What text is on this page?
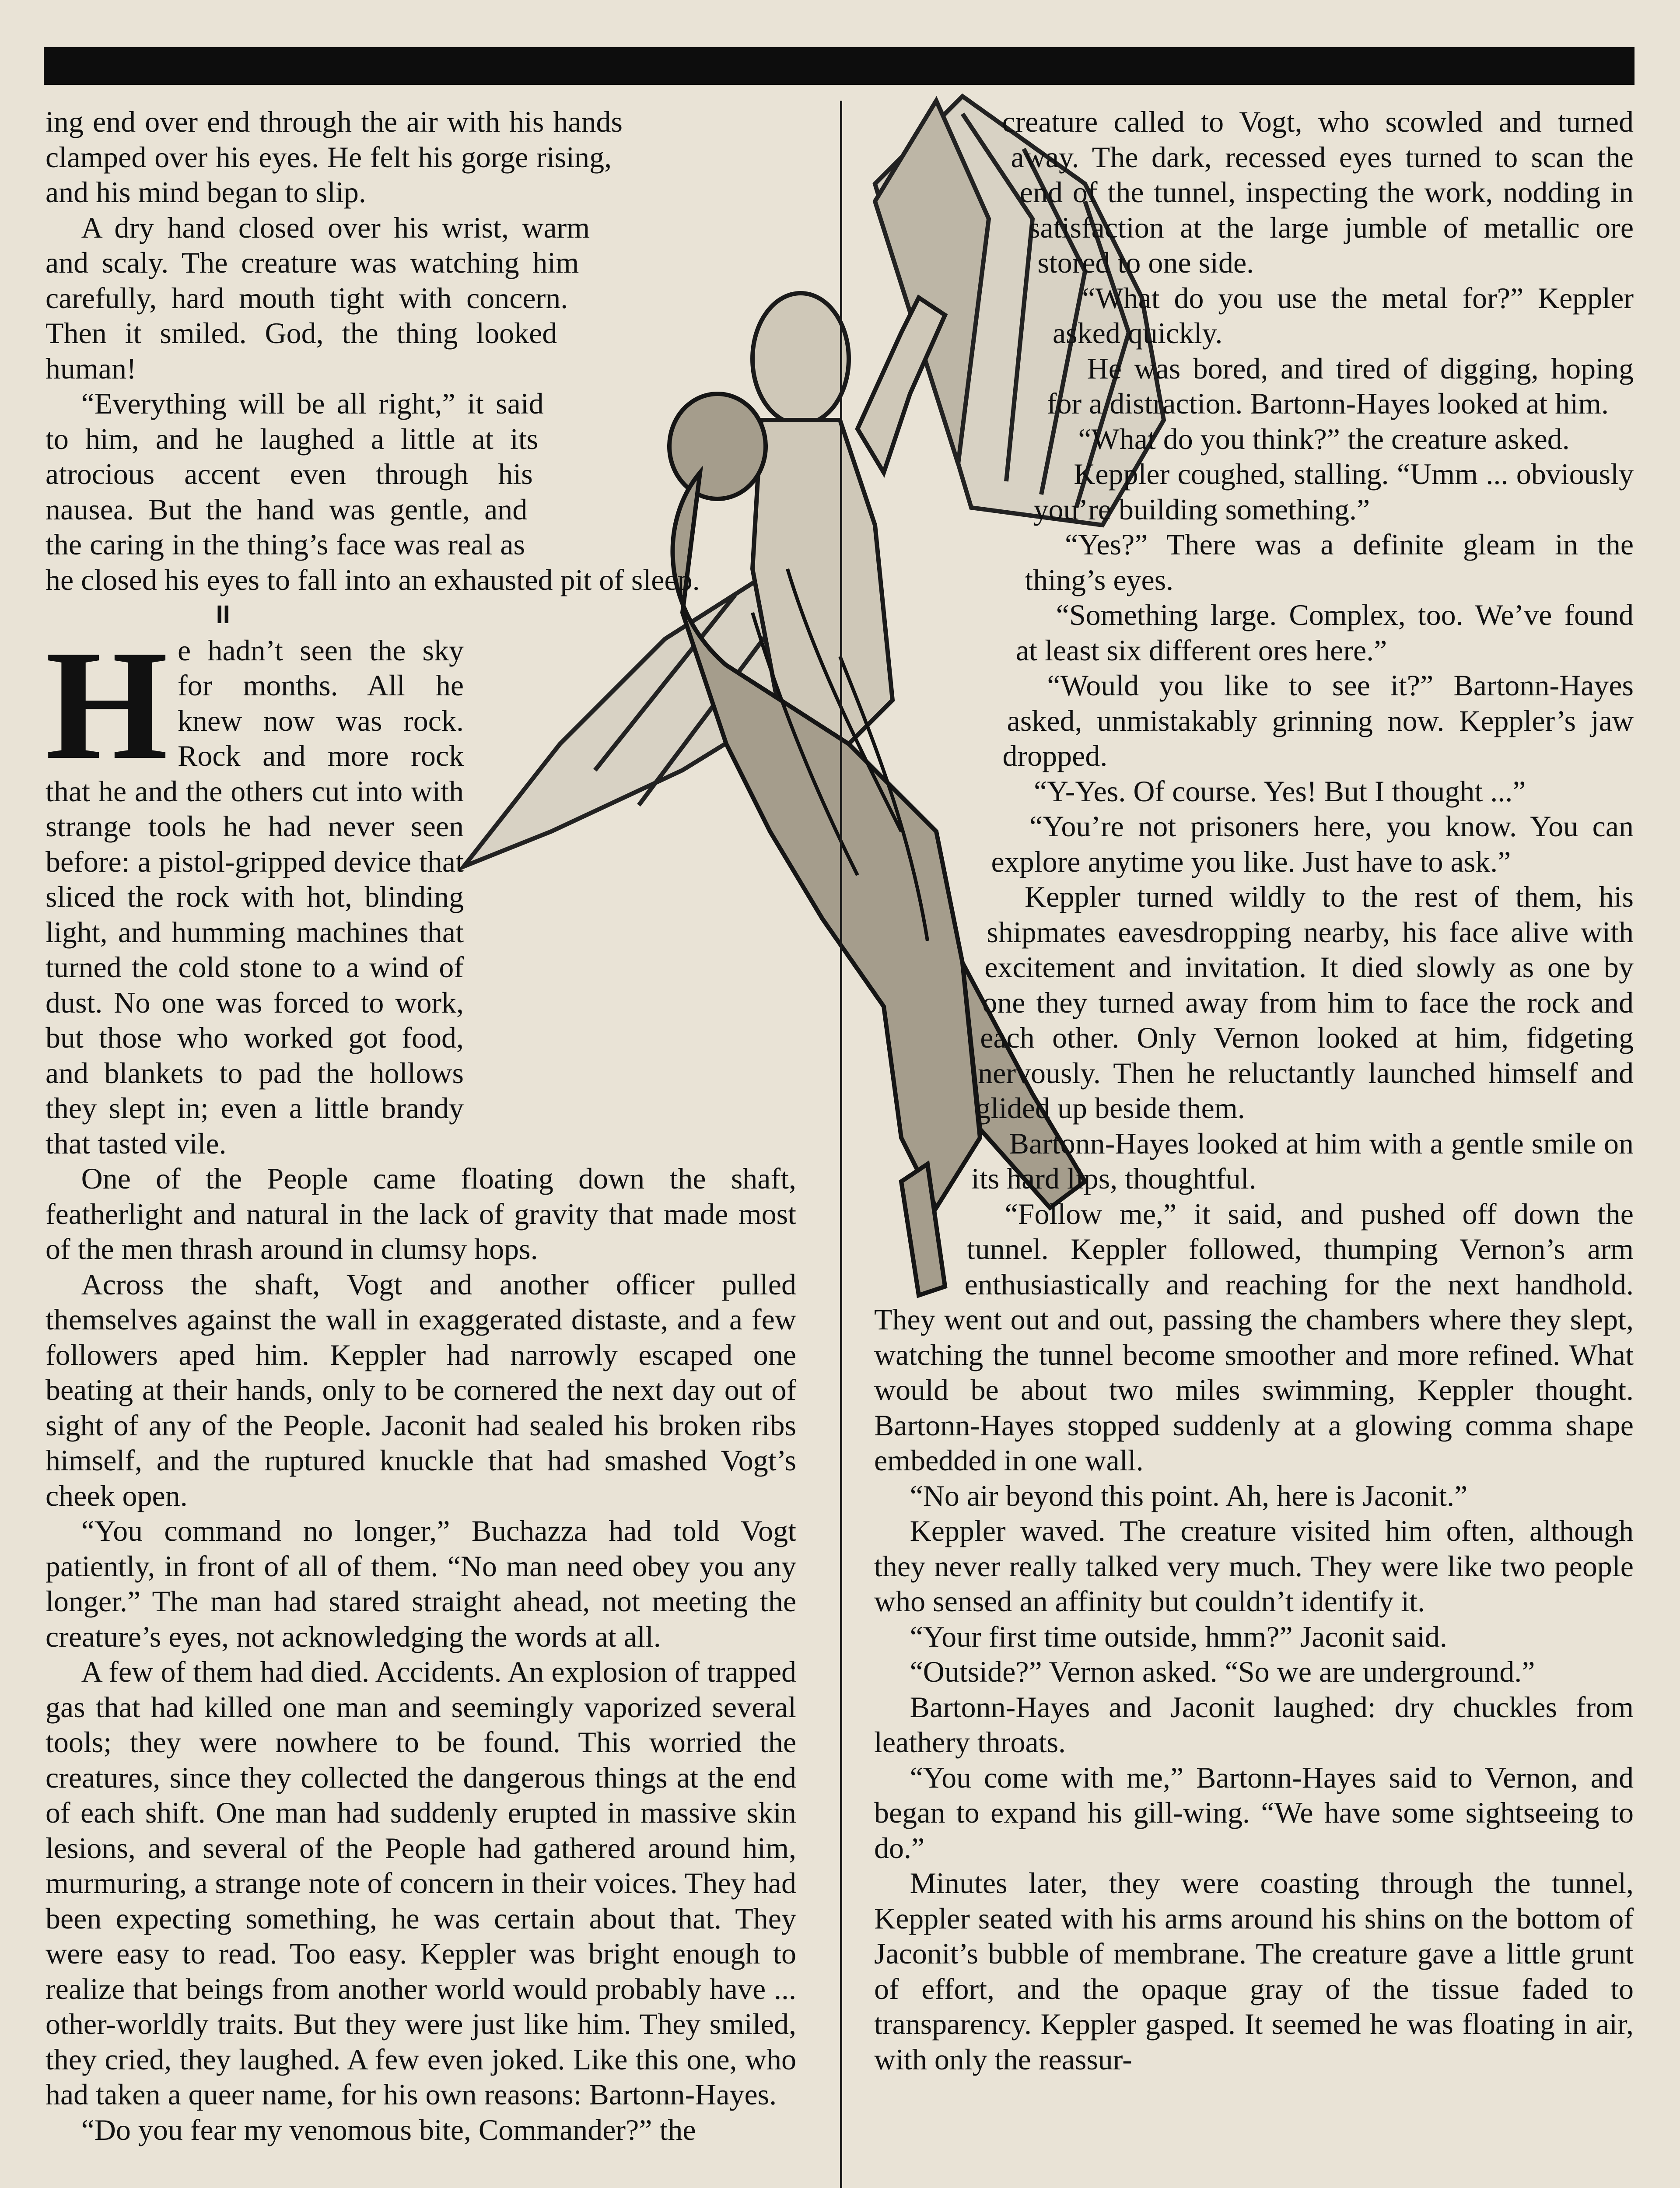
ing end over end through the air with his hands clamped over his eyes. He felt his gorge rising, and his mind began to slip.

A dry hand closed over his wrist, warm and scaly. The creature was watching him carefully, hard mouth tight with concern. Then it smiled. God, the thing looked human!

“Everything will be all right,” it said to him, and he laughed a little at its atrocious accent even through his nausea. But the hand was gentle, and the caring in the thing’s face was real as he closed his eyes to fall into an exhausted pit of sleep.

II

He hadn’t seen the sky for months. All he knew now was rock. Rock and more rock that he and the others cut into with strange tools he had never seen before: a pistol-gripped device that sliced the rock with hot, blinding light, and humming machines that turned the cold stone to a wind of dust. No one was forced to work, but those who worked got food, and blankets to pad the hollows they slept in; even a little brandy that tasted vile.

One of the People came floating down the shaft, featherlight and natural in the lack of gravity that made most of the men thrash around in clumsy hops.

Across the shaft, Vogt and another officer pulled themselves against the wall in exaggerated distaste, and a few followers aped him. Keppler had narrowly escaped one beating at their hands, only to be cornered the next day out of sight of any of the People. Jaconit had sealed his broken ribs himself, and the ruptured knuckle that had smashed Vogt’s cheek open.

“You command no longer,” Buchazza had told Vogt patiently, in front of all of them. “No man need obey you any longer.” The man had stared straight ahead, not meeting the creature’s eyes, not acknowledging the words at all.

A few of them had died. Accidents. An explosion of trapped gas that had killed one man and seemingly vaporized several tools; they were nowhere to be found. This worried the creatures, since they collected the dangerous things at the end of each shift. One man had suddenly erupted in massive skin lesions, and several of the People had gathered around him, murmuring, a strange note of concern in their voices. They had been expecting something, he was certain about that. They were easy to read. Too easy. Keppler was bright enough to realize that beings from another world would probably have ... other-worldly traits. But they were just like him. They smiled, they cried, they laughed. A few even joked. Like this one, who had taken a queer name, for his own reasons: Bartonn-Hayes.

“Do you fear my venomous bite, Commander?” the

creature called to Vogt, who scowled and turned away. The dark, recessed eyes turned to scan the end of the tunnel, inspecting the work, nodding in satisfaction at the large jumble of metallic ore stored to one side.

“What do you use the metal for?” Keppler asked quickly.

He was bored, and tired of digging, hoping for a distraction. Bartonn-Hayes looked at him.

“What do you think?” the creature asked.

Keppler coughed, stalling. “Umm ... obviously you’re building something.”

“Yes?” There was a definite gleam in the thing’s eyes.

“Something large. Complex, too. We’ve found at least six different ores here.”

“Would you like to see it?” Bartonn-Hayes asked, unmistakably grinning now. Keppler’s jaw dropped.

“Y-Yes. Of course. Yes! But I thought ...”

“You’re not prisoners here, you know. You can explore anytime you like. Just have to ask.”

Keppler turned wildly to the rest of them, his shipmates eavesdropping nearby, his face alive with excitement and invitation. It died slowly as one by one they turned away from him to face the rock and each other. Only Vernon looked at him, fidgeting nervously. Then he reluctantly launched himself and glided up beside them.

Bartonn-Hayes looked at him with a gentle smile on its hard lips, thoughtful.

“Follow me,” it said, and pushed off down the tunnel. Keppler followed, thumping Vernon’s arm enthusiastically and reaching for the next handhold. They went out and out, passing the chambers where they slept, watching the tunnel become smoother and more refined. What would be about two miles swimming, Keppler thought. Bartonn-Hayes stopped suddenly at a glowing comma shape embedded in one wall.

“No air beyond this point. Ah, here is Jaconit.”

Keppler waved. The creature visited him often, although they never really talked very much. They were like two people who sensed an affinity but couldn’t identify it.

“Your first time outside, hmm?” Jaconit said.

“Outside?” Vernon asked. “So we are underground.”

Bartonn-Hayes and Jaconit laughed: dry chuckles from leathery throats.

“You come with me,” Bartonn-Hayes said to Vernon, and began to expand his gill-wing. “We have some sightseeing to do.”

Minutes later, they were coasting through the tunnel, Keppler seated with his arms around his shins on the bottom of Jaconit’s bubble of membrane. The creature gave a little grunt of effort, and the opaque gray of the tissue faded to transparency. Keppler gasped. It seemed he was floating in air, with only the reassur-
